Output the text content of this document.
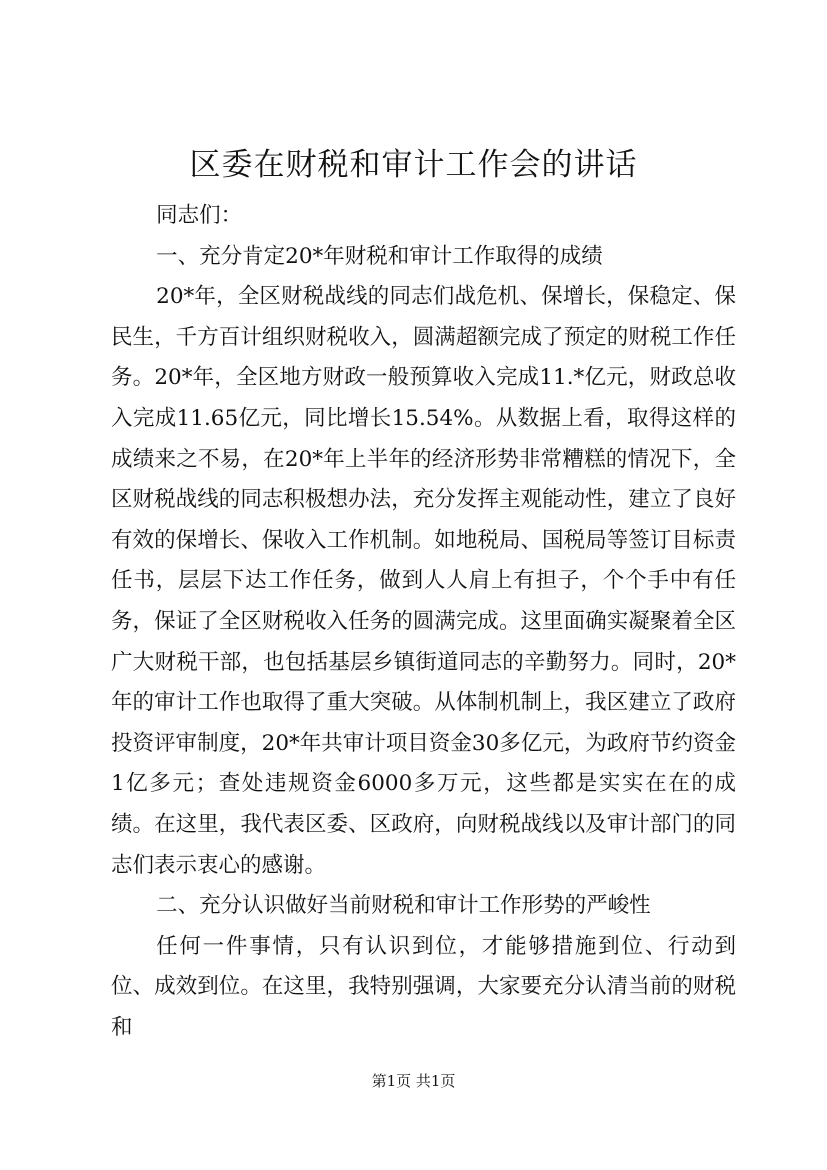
区委在财税和审计工作会的讲话

同志们：

一、充分肯定20*年财税和审计工作取得的成绩

20*年，全区财税战线的同志们战危机、保增长，保稳定、保民生，千方百计组织财税收入，圆满超额完成了预定的财税工作任务。20*年，全区地方财政一般预算收入完成11.*亿元，财政总收入完成11.65亿元，同比增长15.54%。从数据上看，取得这样的成绩来之不易，在20*年上半年的经济形势非常糟糕的情况下，全区财税战线的同志积极想办法，充分发挥主观能动性，建立了良好有效的保增长、保收入工作机制。如地税局、国税局等签订目标责任书，层层下达工作任务，做到人人肩上有担子，个个手中有任务，保证了全区财税收入任务的圆满完成。这里面确实凝聚着全区广大财税干部，也包括基层乡镇街道同志的辛勤努力。同时，20*年的审计工作也取得了重大突破。从体制机制上，我区建立了政府投资评审制度，20*年共审计项目资金30多亿元，为政府节约资金1亿多元；查处违规资金6000多万元，这些都是实实在在的成绩。在这里，我代表区委、区政府，向财税战线以及审计部门的同志们表示衷心的感谢。

二、充分认识做好当前财税和审计工作形势的严峻性

任何一件事情，只有认识到位，才能够措施到位、行动到位、成效到位。在这里，我特别强调，大家要充分认清当前的财税和

第1页 共1页
